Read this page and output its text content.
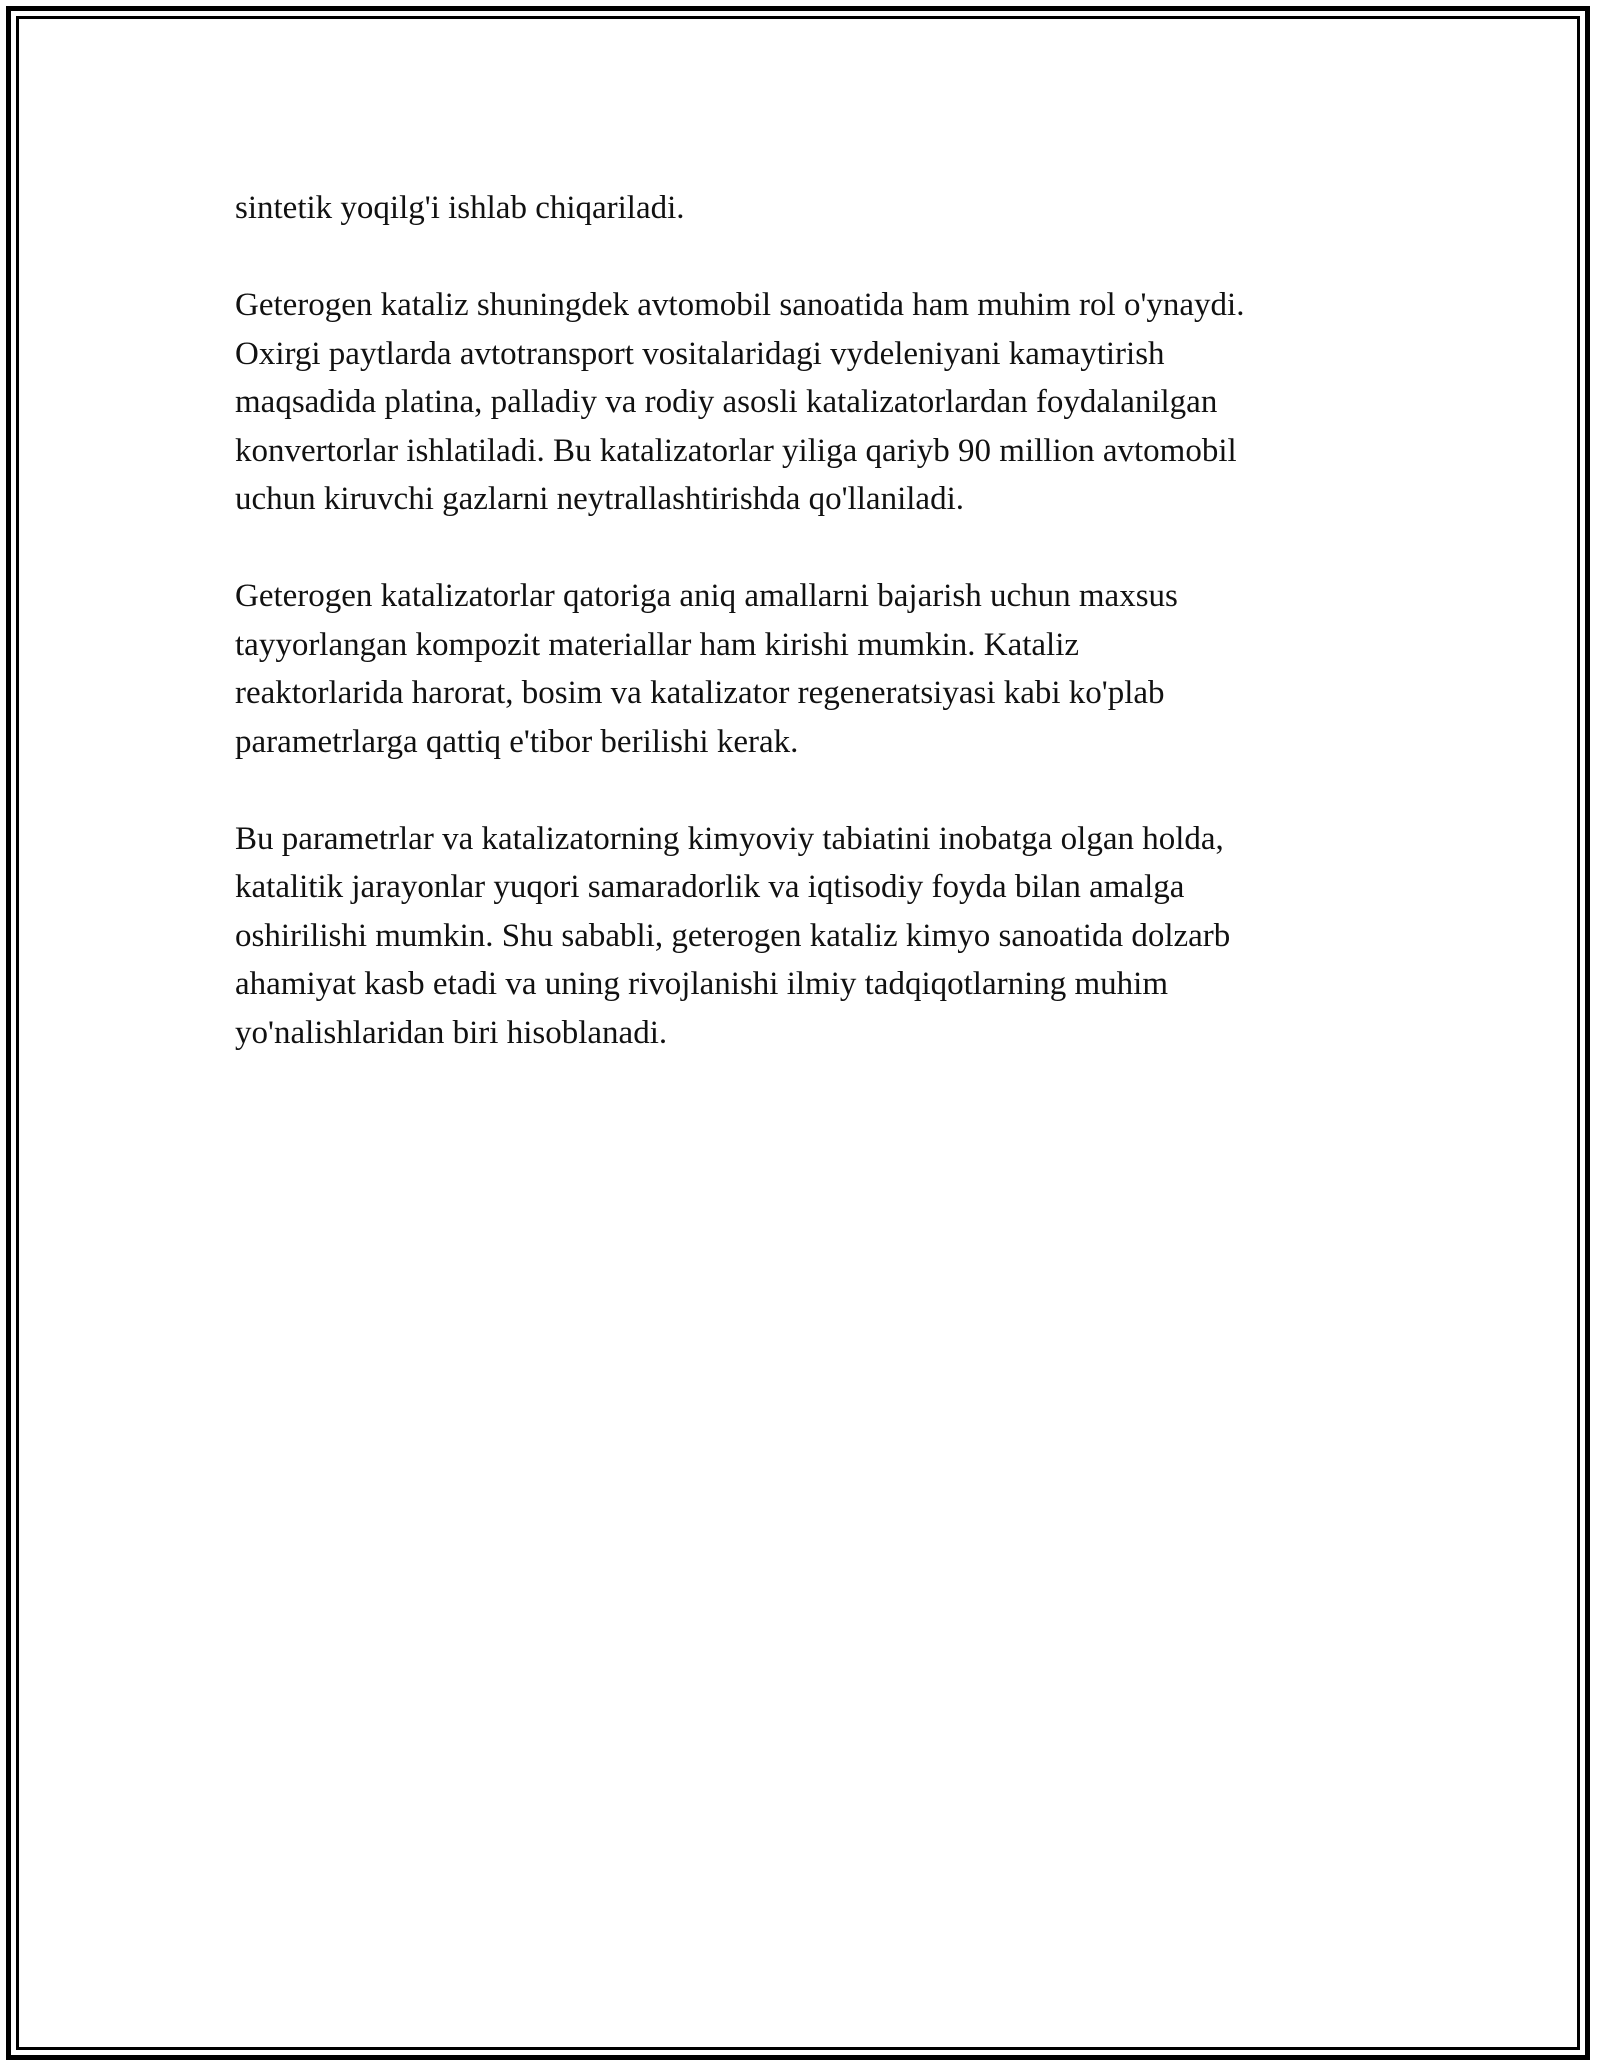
sintetik yoqilg'i ishlab chiqariladi.

Geterogen kataliz shuningdek avtomobil sanoatida ham muhim rol o'ynaydi.
Oxirgi paytlarda avtotransport vositalaridagi vydeleniyani kamaytirish
maqsadida platina, palladiy va rodiy asosli katalizatorlardan foydalanilgan
konvertorlar ishlatiladi. Bu katalizatorlar yiliga qariyb 90 million avtomobil
uchun kiruvchi gazlarni neytrallashtirishda qo'llaniladi.

Geterogen katalizatorlar qatoriga aniq amallarni bajarish uchun maxsus
tayyorlangan kompozit materiallar ham kirishi mumkin. Kataliz
reaktorlarida harorat, bosim va katalizator regeneratsiyasi kabi ko'plab
parametrlarga qattiq e'tibor berilishi kerak.

Bu parametrlar va katalizatorning kimyoviy tabiatini inobatga olgan holda,
katalitik jarayonlar yuqori samaradorlik va iqtisodiy foyda bilan amalga
oshirilishi mumkin. Shu sababli, geterogen kataliz kimyo sanoatida dolzarb
ahamiyat kasb etadi va uning rivojlanishi ilmiy tadqiqotlarning muhim
yo'nalishlaridan biri hisoblanadi.
